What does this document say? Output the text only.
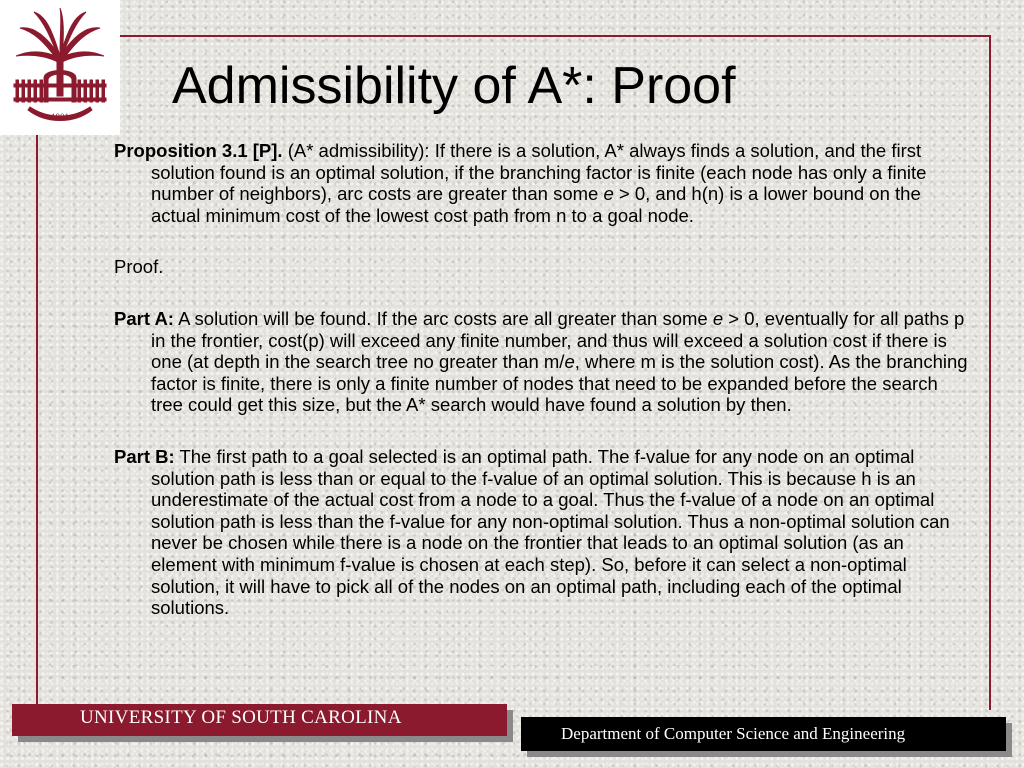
1801
Admissibility of A*: Proof

Proposition 3.1 [P]. (A* admissibility): If there is a solution, A* always finds a solution, and the first solution found is an optimal solution, if the branching factor is finite (each node has only a finite number of neighbors), arc costs are greater than some e > 0, and h(n) is a lower bound on the actual minimum cost of the lowest cost path from n to a goal node.

Proof.

Part A: A solution will be found. If the arc costs are all greater than some e > 0, eventually for all paths p in the frontier, cost(p) will exceed any finite number, and thus will exceed a solution cost if there is one (at depth in the search tree no greater than m/e, where m is the solution cost). As the branching factor is finite, there is only a finite number of nodes that need to be expanded before the search tree could get this size, but the A* search would have found a solution by then.

Part B: The first path to a goal selected is an optimal path. The f-value for any node on an optimal solution path is less than or equal to the f-value of an optimal solution. This is because h is an underestimate of the actual cost from a node to a goal. Thus the f-value of a node on an optimal solution path is less than the f-value for any non-optimal solution. Thus a non-optimal solution can never be chosen while there is a node on the frontier that leads to an optimal solution (as an element with minimum f-value is chosen at each step). So, before it can select a non-optimal solution, it will have to pick all of the nodes on an optimal path, including each of the optimal solutions.

UNIVERSITY OF SOUTH CAROLINA
Department of Computer Science and Engineering
